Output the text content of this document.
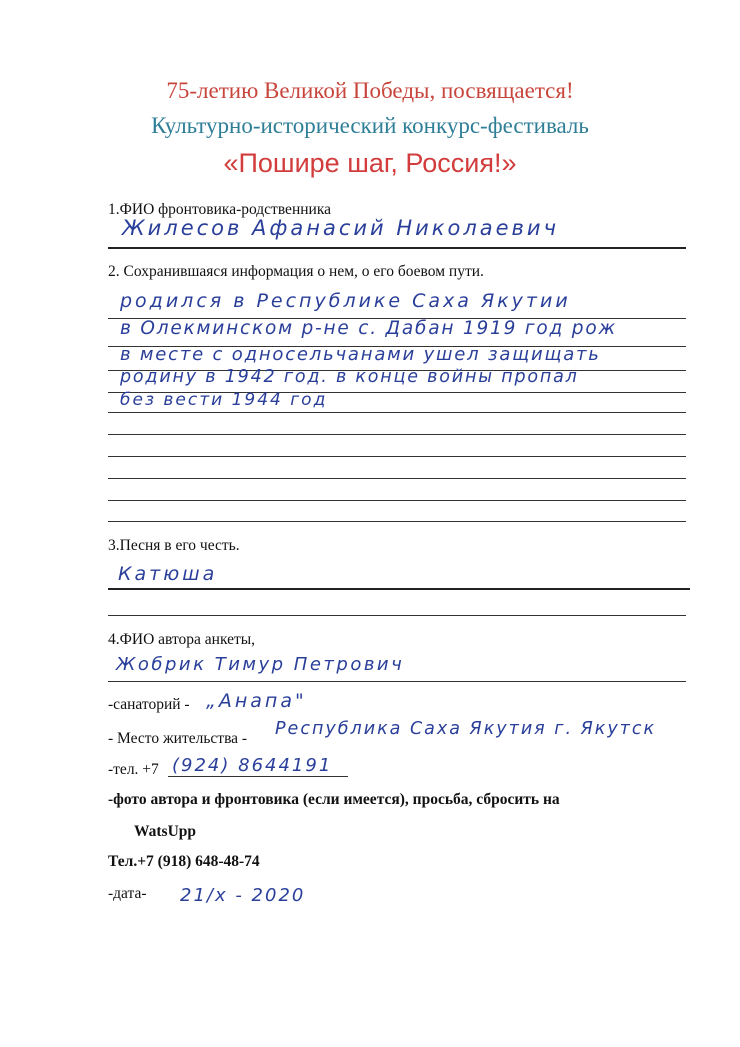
75-летию Великой Победы, посвящается!
Культурно-исторический конкурс-фестиваль
«Пошире шаг, Россия!»
1.ФИО фронтовика-родственника
Жилесов Афанасий Николаевич
2. Сохранившаяся информация о нем, о его боевом пути.
родился в Республике Саха Якутии
в Олекминском р-не с. Дабан 1919 год рож
в месте с односельчанами ушел защищать
родину в 1942 год. в конце войны пропал
без вести 1944 год
3.Песня в его честь.
Катюша
4.ФИО автора анкеты,
Жобрик Тимур Петрович
-санаторий - „Анапа"
- Место жительства - Республика Саха Якутия г. Якутск
-тел. +7 (924) 8644191
-фото автора и фронтовика (если имеется), просьба, сбросить на
WatsUpp
Тел.+7 (918) 648-48-74
-дата- 21/х - 2020
